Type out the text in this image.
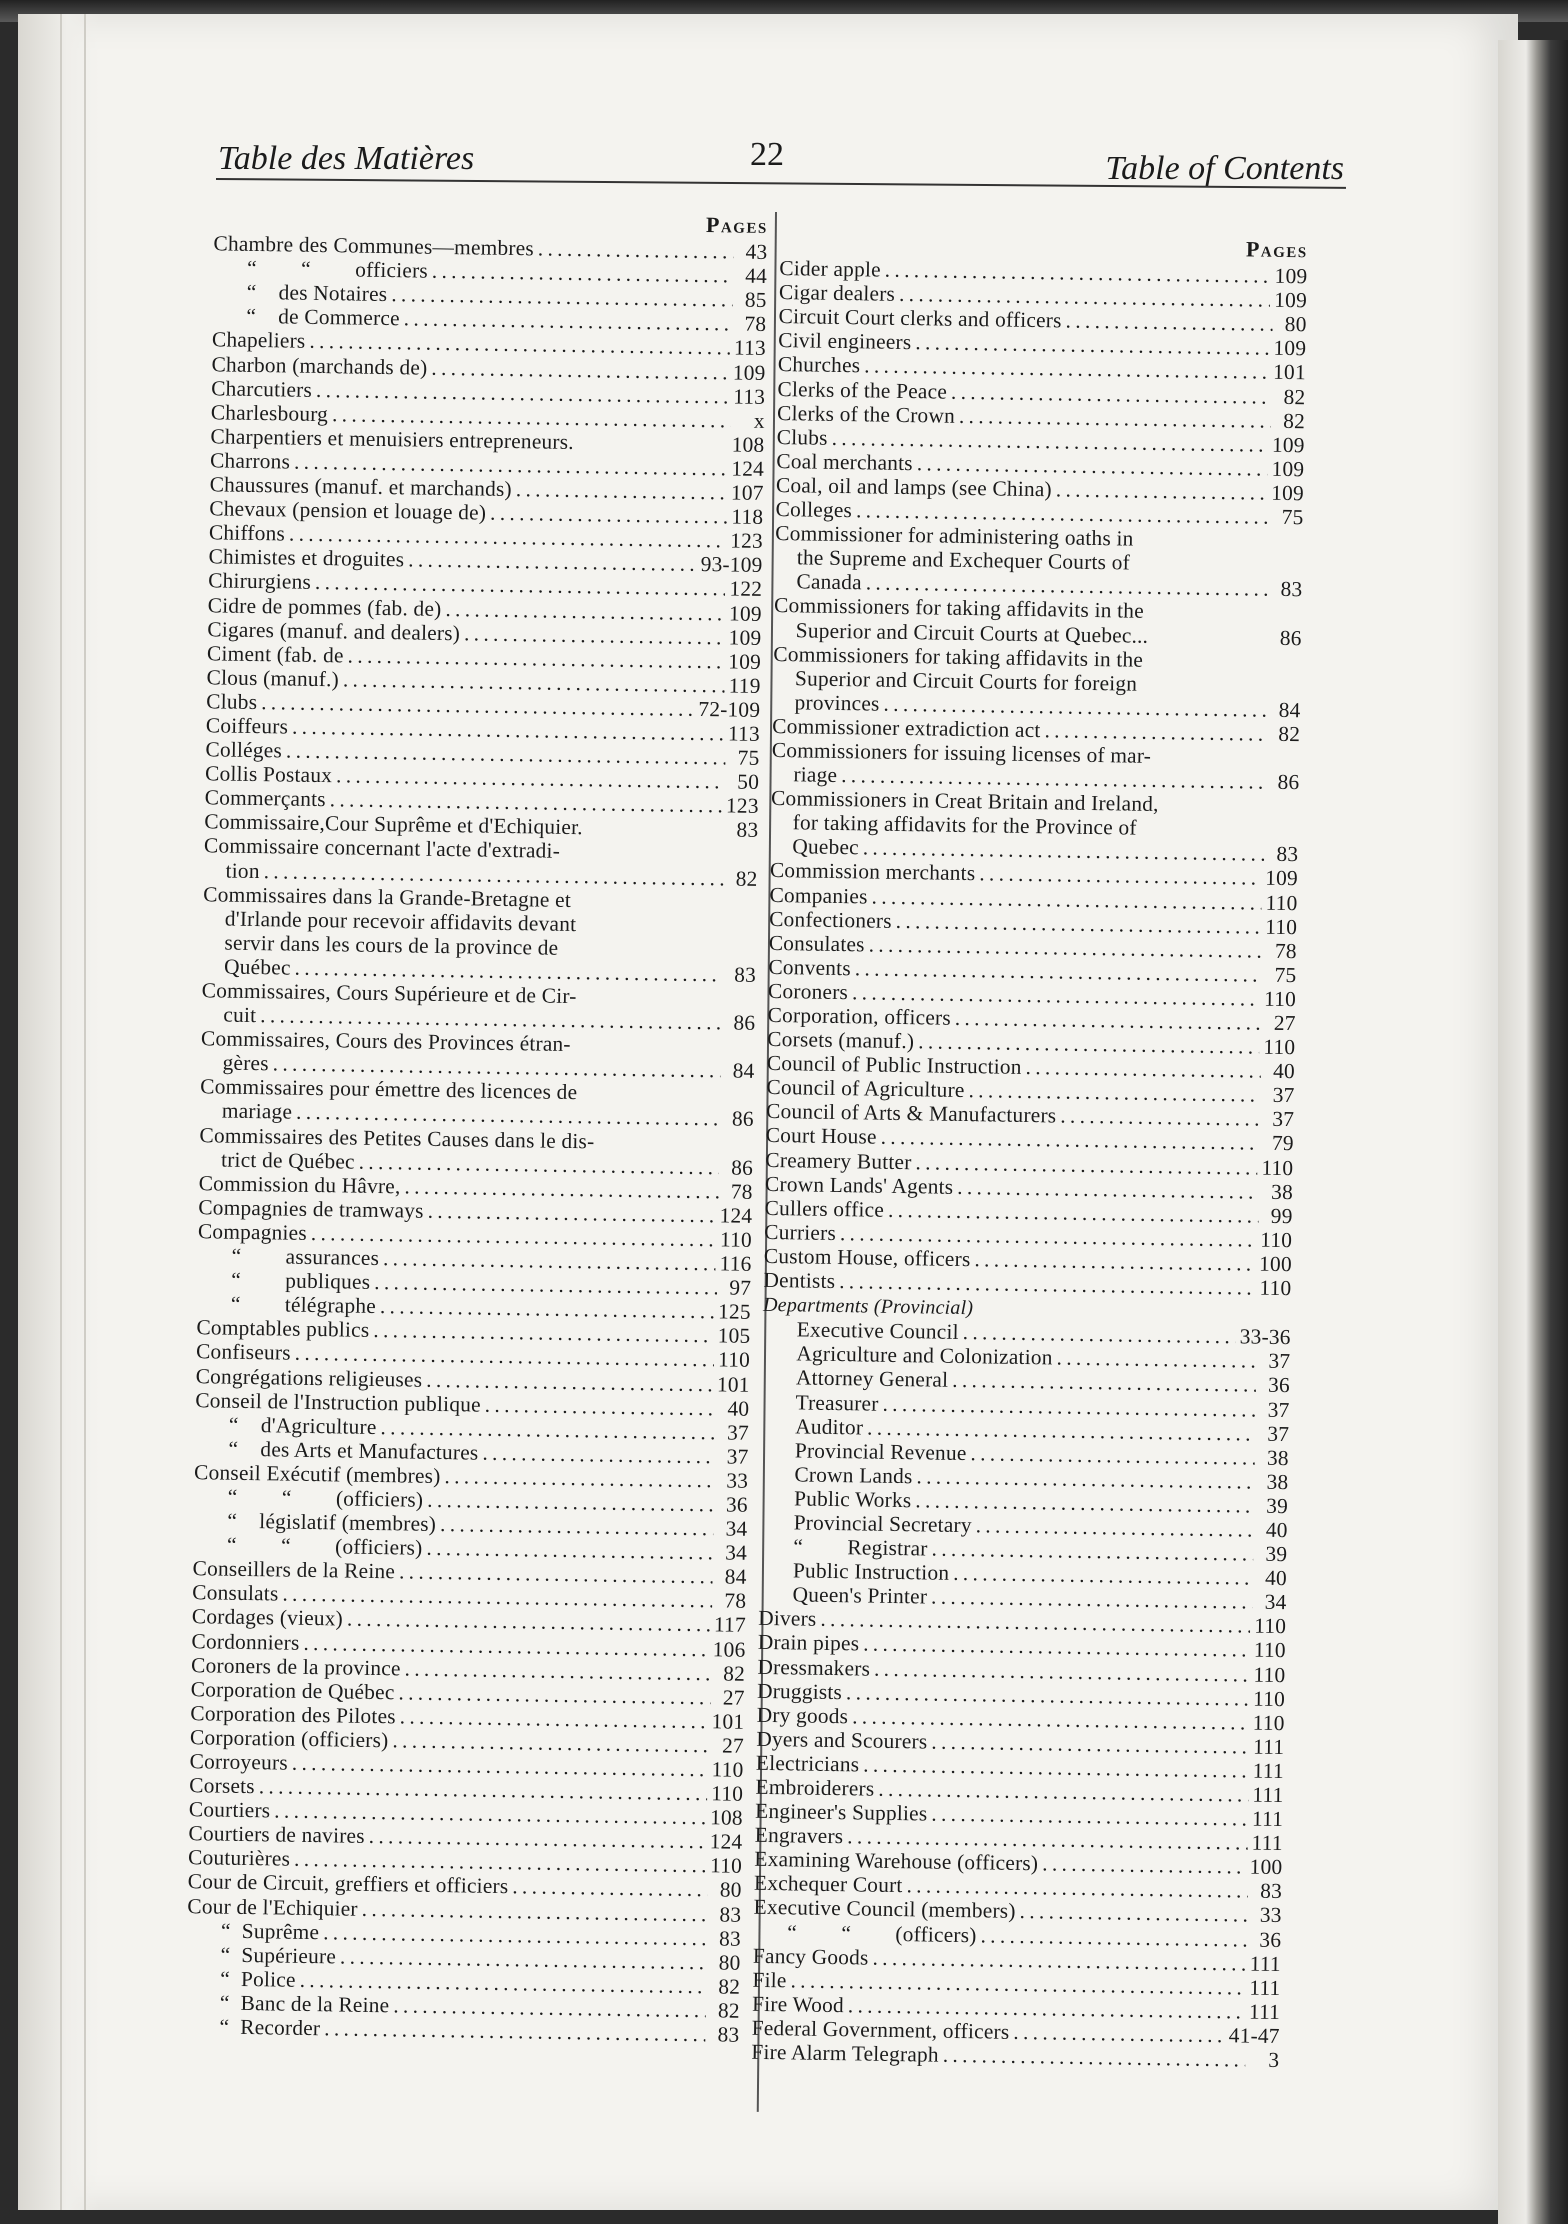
Table des Matières	22	Table of Contents
Pages
Chambre des Communes—membres . . .	43
“        “        officiers . . .	44
“    des Notaires . . .	85
“    de Commerce . . .	78
Chapeliers . . .	113
Charbon (marchands de) . . .	109
Charcutiers . . .	113
Charlesbourg . . .	x
Charpentiers et menuisiers entrepreneurs.	108
Charrons . . .	124
Chaussures (manuf. et marchands) . . .	107
Chevaux (pension et louage de) . . .	118
Chiffons . . .	123
Chimistes et droguites . . .	93-109
Chirurgiens . . .	122
Cidre de pommes (fab. de) . . .	109
Cigares (manuf. and dealers) . . .	109
Ciment (fab. de . . .	109
Clous (manuf.) . . .	119
Clubs . . .	72-109
Coiffeurs . . .	113
Colléges . . .	75
Collis Postaux . . .	50
Commerçants . . .	123
Commissaire,Cour Suprême et d'Echiquier.	83
Commissaire concernant l'acte d'extradi-
tion . . .	82
Commissaires dans la Grande-Bretagne et
d'Irlande pour recevoir affidavits devant
servir dans les cours de la province de
Québec . . .	83
Commissaires, Cours Supérieure et de Cir-
cuit . . .	86
Commissaires, Cours des Provinces étran-
gères . . .	84
Commissaires pour émettre des licences de
mariage . . .	86
Commissaires des Petites Causes dans le dis-
trict de Québec . . .	86
Commission du Hâvre, . . .	78
Compagnies de tramways . . .	124
Compagnies . . .	110
“        assurances . . .	116
“        publiques . . .	97
“        télégraphe . . .	125
Comptables publics . . .	105
Confiseurs . . .	110
Congrégations religieuses . . .	101
Conseil de l'Instruction publique . . .	40
“    d'Agriculture . . .	37
“    des Arts et Manufactures . . .	37
Conseil Exécutif (membres) . . .	33
“        “        (officiers) . . .	36
“    législatif (membres) . . .	34
“        “        (officiers) . . .	34
Conseillers de la Reine . . .	84
Consulats . . .	78
Cordages (vieux) . . .	117
Cordonniers . . .	106
Coroners de la province . . .	82
Corporation de Québec . . .	27
Corporation des Pilotes . . .	101
Corporation (officiers) . . .	27
Corroyeurs . . .	110
Corsets . . .	110
Courtiers . . .	108
Courtiers de navires . . .	124
Couturières . . .	110
Cour de Circuit, greffiers et officiers . . .	80
Cour de l'Echiquier . . .	83
“  Suprême . . .	83
“  Supérieure . . .	80
“  Police . . .	82
“  Banc de la Reine . . .	82
“  Recorder . . .	83
Pages
Cider apple . . .	109
Cigar dealers . . .	109
Circuit Court clerks and officers . . .	80
Civil engineers . . .	109
Churches . . .	101
Clerks of the Peace . . .	82
Clerks of the Crown . . .	82
Clubs . . .	109
Coal merchants . . .	109
Coal, oil and lamps (see China) . . .	109
Colleges . . .	75
Commissioner for administering oaths in
the Supreme and Exchequer Courts of
Canada . . .	83
Commissioners for taking affidavits in the
Superior and Circuit Courts at Quebec...	86
Commissioners for taking affidavits in the
Superior and Circuit Courts for foreign
provinces . . .	84
Commissioner extradiction act . . .	82
Commissioners for issuing licenses of mar-
riage . . .	86
Commissioners in Creat Britain and Ireland,
for taking affidavits for the Province of
Quebec . . .	83
Commission merchants . . .	109
Companies . . .	110
Confectioners . . .	110
Consulates . . .	78
Convents . . .	75
Coroners . . .	110
Corporation, officers . . .	27
Corsets (manuf.) . . .	110
Council of Public Instruction . . .	40
Council of Agriculture . . .	37
Council of Arts & Manufacturers . . .	37
Court House . . .	79
Creamery Butter . . .	110
Crown Lands' Agents . . .	38
Cullers office . . .	99
Curriers . . .	110
Custom House, officers . . .	100
Dentists . . .	110
Departments (Provincial)
Executive Council . . .	33-36
Agriculture and Colonization . . .	37
Attorney General . . .	36
Treasurer . . .	37
Auditor . . .	37
Provincial Revenue . . .	38
Crown Lands . . .	38
Public Works . . .	39
Provincial Secretary . . .	40
“        Registrar . . .	39
Public Instruction . . .	40
Queen's Printer . . .	34
Divers . . .	110
Drain pipes . . .	110
Dressmakers . . .	110
Druggists . . .	110
Dry goods . . .	110
Dyers and Scourers . . .	111
Electricians . . .	111
Embroiderers . . .	111
Engineer's Supplies . . .	111
Engravers . . .	111
Examining Warehouse (officers) . . .	100
Exchequer Court . . .	83
Executive Council (members) . . .	33
“        “        (officers) . . .	36
Fancy Goods . . .	111
File . . .	111
Fire Wood . . .	111
Federal Government, officers . . .	41-47
Fire Alarm Telegraph . . .	3
